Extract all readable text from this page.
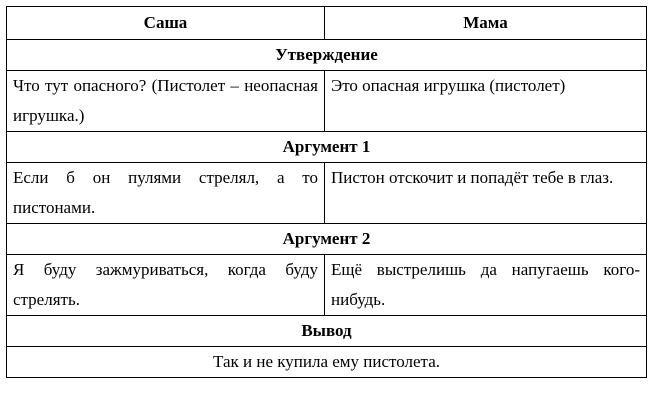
Саша	Мама
Утверждение	
Что тут опасного? (Пистолет – неопасная игрушка.)	Это опасная игрушка (пистолет)
Аргумент 1	
Если б он пулями стрелял, а то пистонами.	Пистон отскочит и попадёт тебе в глаз.
Аргумент 2	
Я буду зажмуриваться, когда буду стрелять.	Ещё выстрелишь да напугаешь кого-нибудь.
Вывод	
Так и не купила ему пистолета.	
